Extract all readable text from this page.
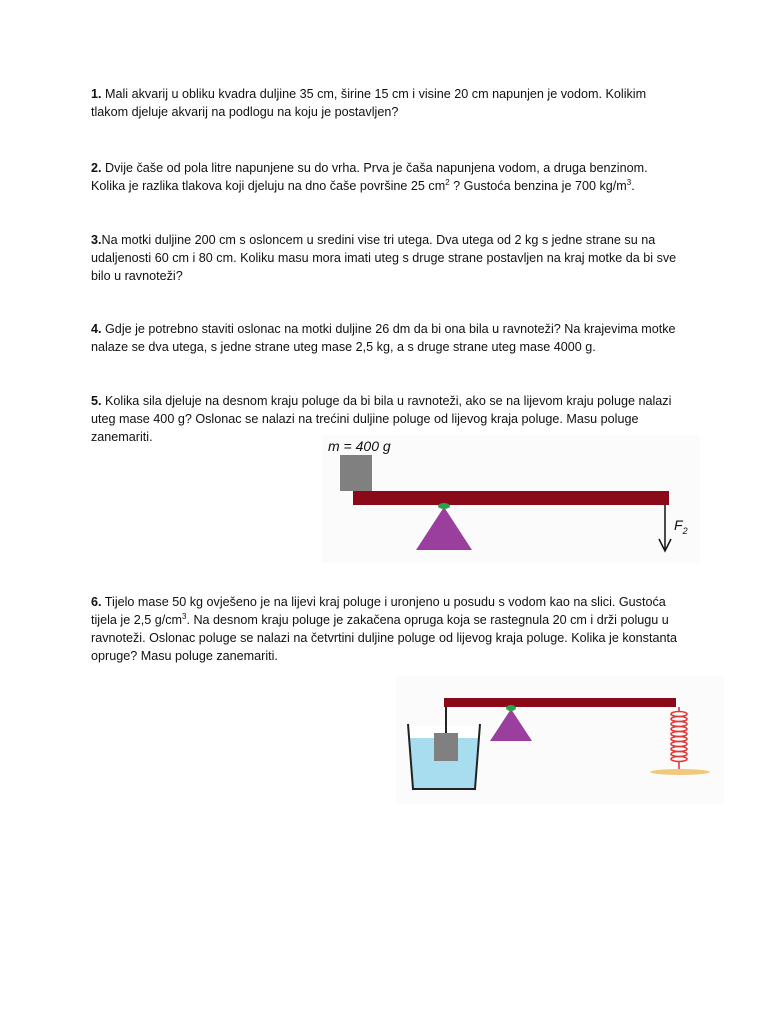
1. Mali akvarij u obliku kvadra duljine 35 cm, širine 15 cm i visine 20 cm napunjen je vodom. Kolikim tlakom djeluje akvarij na podlogu na koju je postavljen?

2. Dvije čaše od pola litre napunjene su do vrha. Prva je čaša napunjena vodom, a druga benzinom. Kolika je razlika tlakova koji djeluju na dno čaše površine 25 $cm^2$ ? Gustoća benzina je 700 $kg/m^3$.

3.Na motki duljine 200 cm s osloncem u sredini vise tri utega. Dva utega od 2 kg s jedne strane su na udaljenosti 60 cm i 80 cm. Koliku masu mora imati uteg s druge strane postavljen na kraj motke da bi sve bilo u ravnoteži?

4. Gdje je potrebno staviti oslonac na motki duljine 26 dm da bi ona bila u ravnoteži? Na krajevima motke nalaze se dva utega, s jedne strane uteg mase 2,5 kg, a s druge strane uteg mase 4000 g.

5. Kolika sila djeluje na desnom kraju poluge da bi bila u ravnoteži, ako se na lijevom kraju poluge nalazi uteg mase 400 g? Oslonac se nalazi na trećini duljine poluge od lijevog kraja poluge. Masu poluge zanemariti.

m = 400 g
$F_2$

6. Tijelo mase 50 kg ovješeno je na lijevi kraj poluge i uronjeno u posudu s vodom kao na slici. Gustoća tijela je 2,5 $g/cm^3$. Na desnom kraju poluge je zakačena opruga koja se rastegnula 20 cm i drži polugu u ravnoteži. Oslonac poluge se nalazi na četvrtini duljine poluge od lijevog kraja poluge. Kolika je konstanta opruge? Masu poluge zanemariti.
